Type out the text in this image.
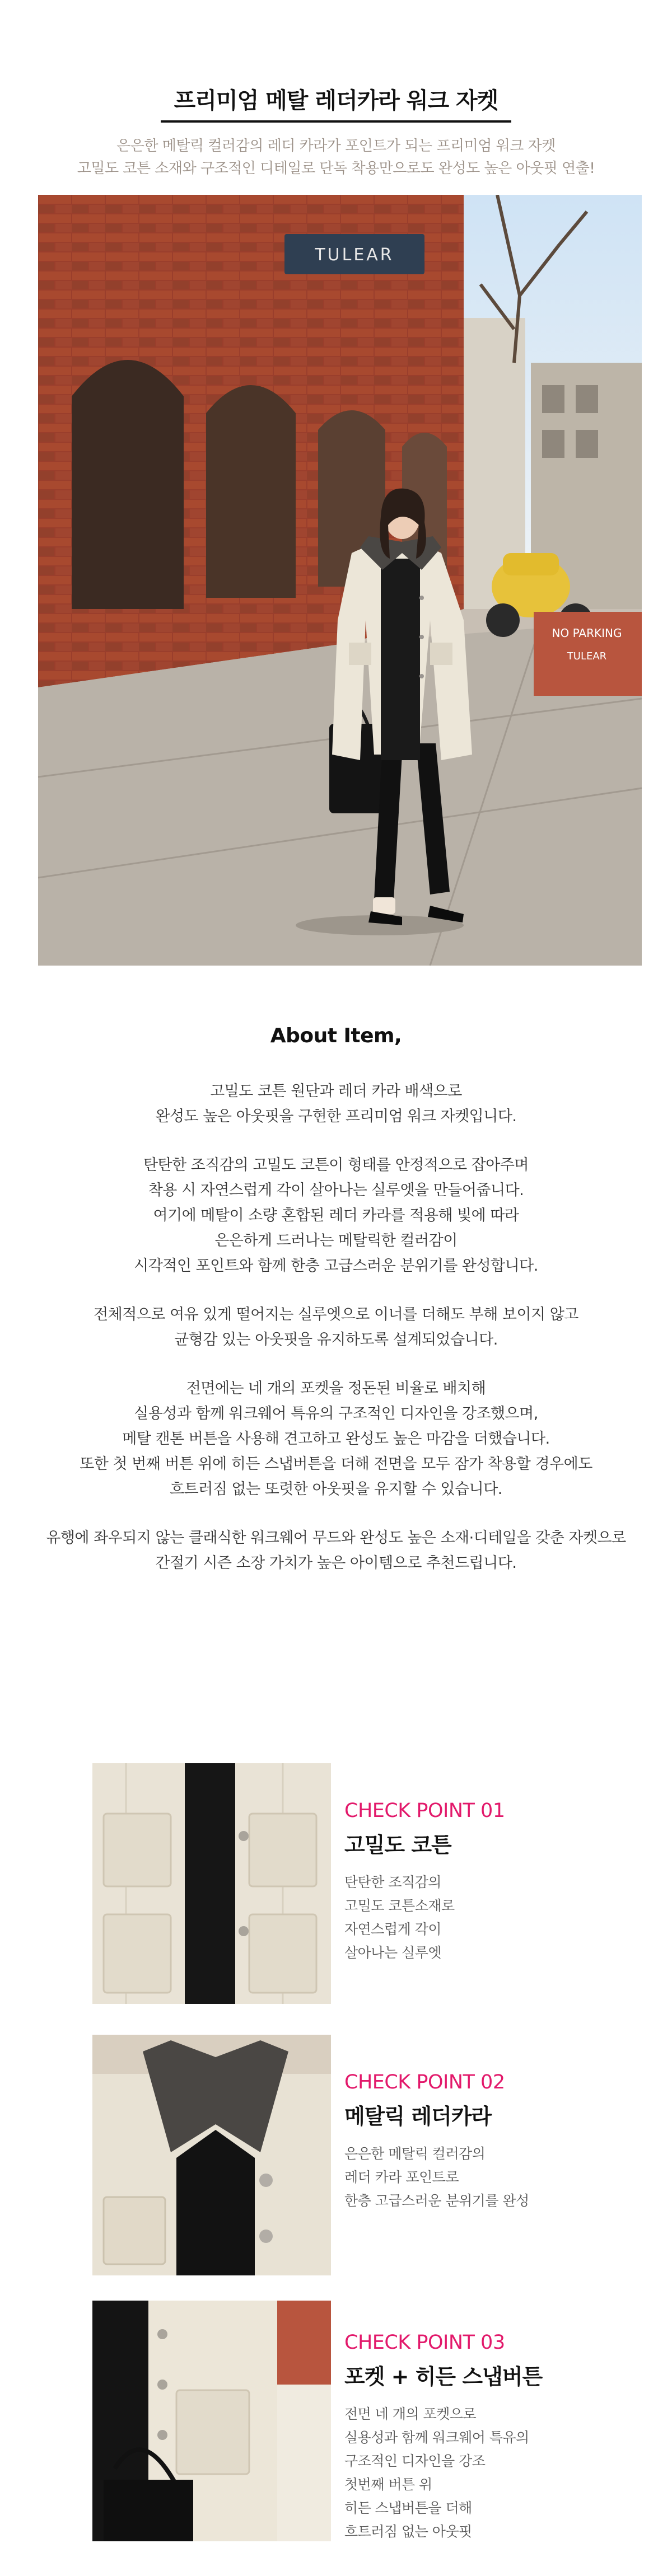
프리미엄 메탈 레더카라 워크 자켓
은은한 메탈릭 컬러감의 레더 카라가 포인트가 되는 프리미엄 워크 자켓
고밀도 코튼 소재와 구조적인 디테일로 단독 착용만으로도 완성도 높은 아웃핏 연출!
TULEAR
NO PARKING
TULEAR
About Item,

고밀도 코튼 원단과 레더 카라 배색으로
완성도 높은 아웃핏을 구현한 프리미엄 워크 자켓입니다.

탄탄한 조직감의 고밀도 코튼이 형태를 안정적으로 잡아주며
착용 시 자연스럽게 각이 살아나는 실루엣을 만들어줍니다.
여기에 메탈이 소량 혼합된 레더 카라를 적용해 빛에 따라
은은하게 드러나는 메탈릭한 컬러감이
시각적인 포인트와 함께 한층 고급스러운 분위기를 완성합니다.

전체적으로 여유 있게 떨어지는 실루엣으로 이너를 더해도 부해 보이지 않고
균형감 있는 아웃핏을 유지하도록 설계되었습니다.

전면에는 네 개의 포켓을 정돈된 비율로 배치해
실용성과 함께 워크웨어 특유의 구조적인 디자인을 강조했으며,
메탈 캔톤 버튼을 사용해 견고하고 완성도 높은 마감을 더했습니다.
또한 첫 번째 버튼 위에 히든 스냅버튼을 더해 전면을 모두 잠가 착용할 경우에도
흐트러짐 없는 또렷한 아웃핏을 유지할 수 있습니다.

유행에 좌우되지 않는 클래식한 워크웨어 무드와 완성도 높은 소재·디테일을 갖춘 자켓으로
간절기 시즌 소장 가치가 높은 아이템으로 추천드립니다.

CHECK POINT 01
고밀도 코튼
탄탄한 조직감의
고밀도 코튼소재로
자연스럽게 각이
살아나는 실루엣
CHECK POINT 02
메탈릭 레더카라
은은한 메탈릭 컬러감의
레더 카라 포인트로
한층 고급스러운 분위기를 완성
CHECK POINT 03
포켓 + 히든 스냅버튼
전면 네 개의 포켓으로
실용성과 함께 워크웨어 특유의
구조적인 디자인을 강조
첫번째 버튼 위
히든 스냅버튼을 더해
흐트러짐 없는 아웃핏
